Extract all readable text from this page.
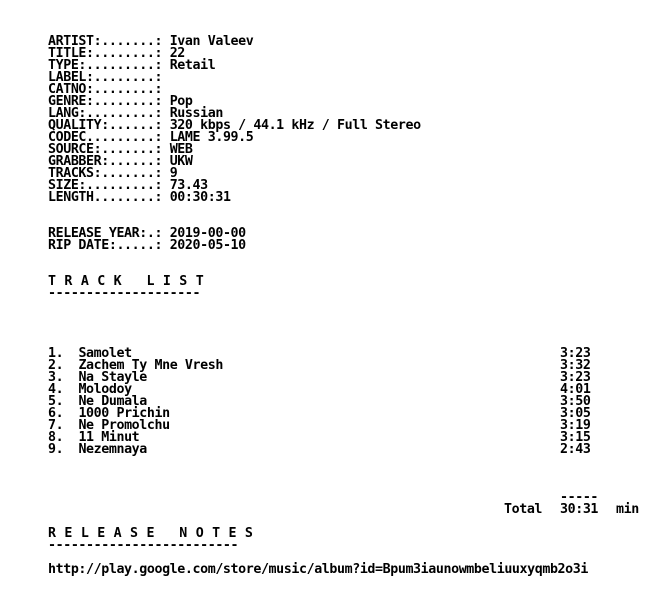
ARTIST:.......: Ivan Valeev
TITLE:........: 22
TYPE:.........: Retail
LABEL:........:
CATNO:........:
GENRE:........: Pop
LANG:.........: Russian
QUALITY:......: 320 kbps / 44.1 kHz / Full Stereo
CODEC.........: LAME 3.99.5
SOURCE:.......: WEB
GRABBER:......: UKW
TRACKS:.......: 9
SIZE:.........: 73.43
LENGTH........: 00:30:31
RELEASE YEAR:.: 2019-00-00
RIP DATE:.....: 2020-05-10
T R A C K   L I S T
--------------------
1. Samolet	3:23
2. Zachem Ty Mne Vresh	3:32
3. Na Stayle	3:23
4. Molodoy	4:01
5. Ne Dumala	3:50
6. 1000 Prichin	3:05
7. Ne Promolchu	3:19
8. 11 Minut	3:15
9. Nezemnaya	2:43
-----
Total 30:31 min
R E L E A S E   N O T E S
-------------------------
http://play.google.com/store/music/album?id=Bpum3iaunowmbeliuuxyqmb2o3i
